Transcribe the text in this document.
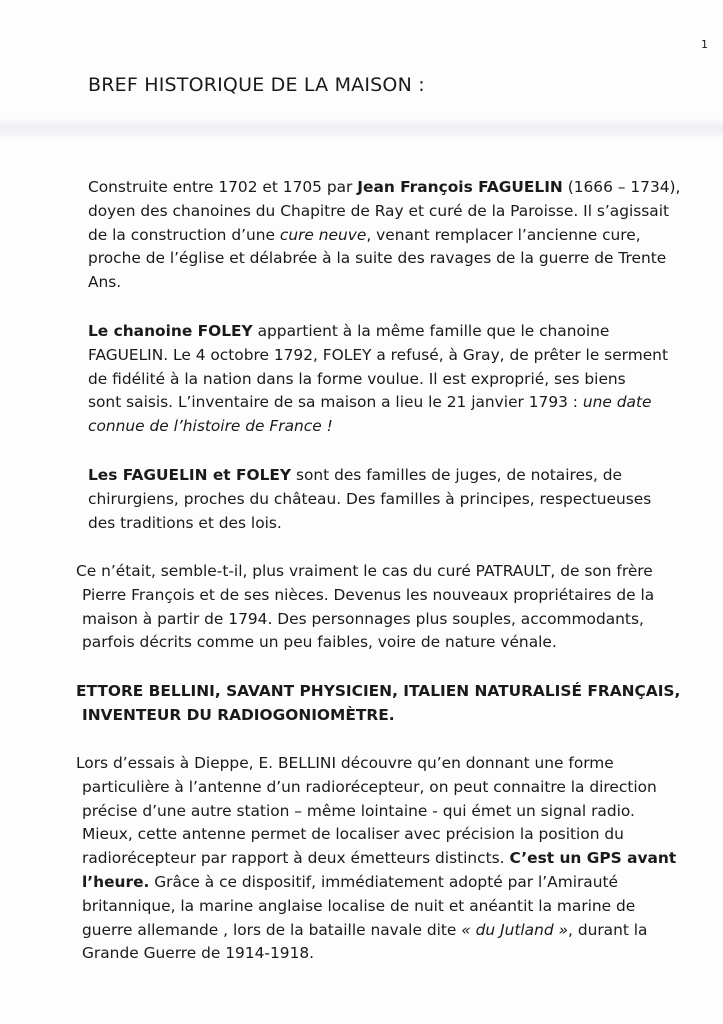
1
BREF HISTORIQUE DE LA MAISON :
Construite entre 1702 et 1705 par Jean François FAGUELIN (1666 – 1734),
doyen des chanoines du Chapitre de Ray et curé de la Paroisse. Il s’agissait
de la construction d’une cure neuve, venant remplacer l’ancienne cure,
proche de l’église et délabrée à la suite des ravages de la guerre de Trente
Ans.
Le chanoine FOLEY appartient à la même famille que le chanoine
FAGUELIN. Le 4 octobre 1792, FOLEY a refusé, à Gray, de prêter le serment
de fidélité à la nation dans la forme voulue. Il est exproprié, ses biens
sont saisis. L’inventaire de sa maison a lieu le 21 janvier 1793 : une date
connue de l’histoire de France !
Les FAGUELIN et FOLEY sont des familles de juges, de notaires, de
chirurgiens, proches du château. Des familles à principes, respectueuses
des traditions et des lois.
Ce n’était, semble-t-il, plus vraiment le cas du curé PATRAULT, de son frère
Pierre François et de ses nièces. Devenus les nouveaux propriétaires de la
maison à partir de 1794. Des personnages plus souples, accommodants,
parfois décrits comme un peu faibles, voire de nature vénale.
ETTORE BELLINI, SAVANT PHYSICIEN, ITALIEN NATURALISÉ FRANÇAIS,
INVENTEUR DU RADIOGONIOMÈTRE.
Lors d’essais à Dieppe, E. BELLINI découvre qu’en donnant une forme
particulière à l’antenne d’un radiorécepteur, on peut connaitre la direction
précise d’une autre station – même lointaine - qui émet un signal radio.
Mieux, cette antenne permet de localiser avec précision la position du
radiorécepteur par rapport à deux émetteurs distincts. C’est un GPS avant
l’heure. Grâce à ce dispositif, immédiatement adopté par l’Amirauté
britannique, la marine anglaise localise de nuit et anéantit la marine de
guerre allemande , lors de la bataille navale dite « du Jutland », durant la
Grande Guerre de 1914-1918.
